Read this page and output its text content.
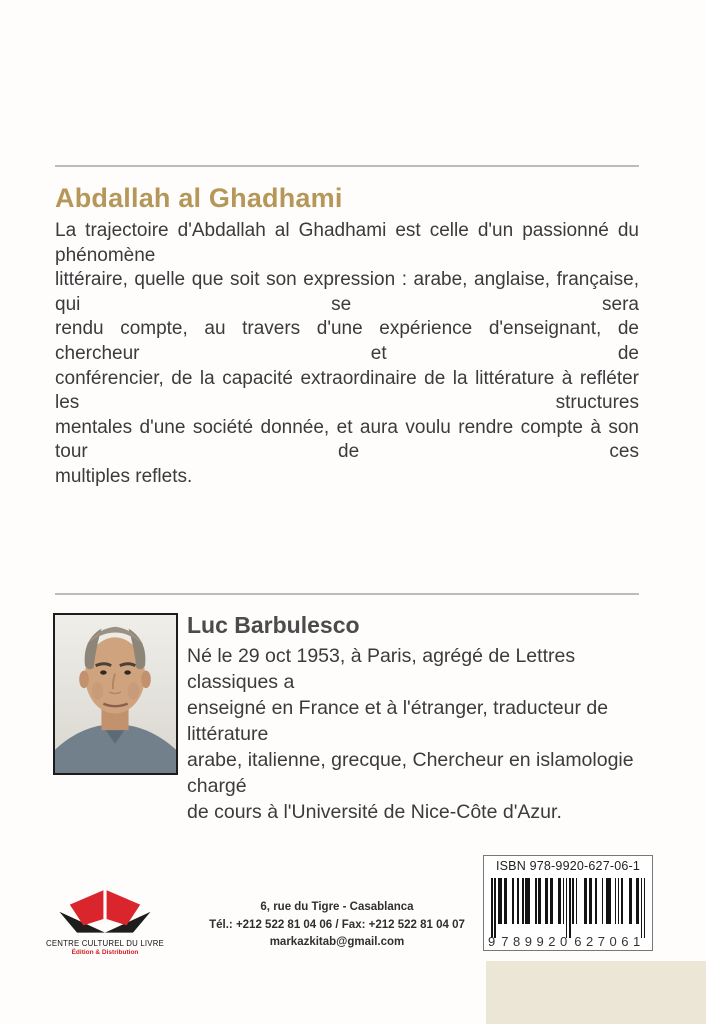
Abdallah al Ghadhami
La trajectoire d'Abdallah al Ghadhami est celle d'un passionné du phénomène
littéraire, quelle que soit son expression : arabe, anglaise, française, qui se sera
rendu compte, au travers d'une expérience d'enseignant, de chercheur et de
conférencier, de la capacité extraordinaire de la littérature à refléter les structures
mentales d'une société donnée, et aura voulu rendre compte à son tour de ces
multiples reflets.
Luc Barbulesco
Né le 29 oct 1953, à Paris, agrégé de Lettres classiques a
enseigné en France et à l'étranger, traducteur de littérature
arabe, italienne, grecque, Chercheur en islamologie chargé
de cours à l'Université de Nice-Côte d'Azur.
CENTRE CULTUREL DU LIVRE
Édition & Distribution
6, rue du Tigre - Casablanca
Tél.: +212 522 81 04 06 / Fax: +212 522 81 04 07
markazkitab@gmail.com
ISBN 978-9920-627-06-1
9 789920 627061
